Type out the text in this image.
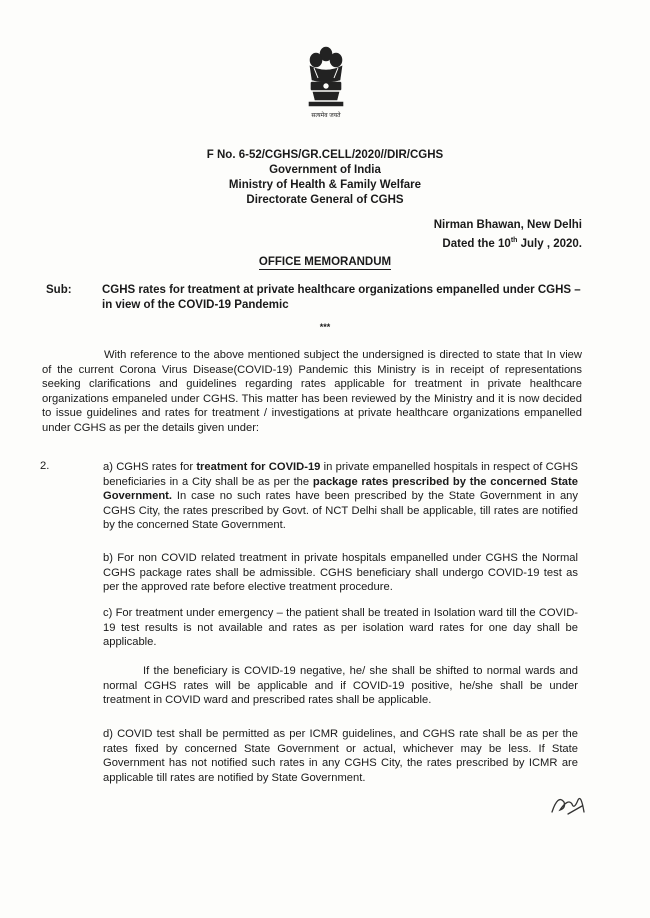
सत्यमेव जयते
F No. 6-52/CGHS/GR.CELL/2020//DIR/CGHS
Government of India
Ministry of Health & Family Welfare
Directorate General of CGHS
Nirman Bhawan, New Delhi
Dated the 10th July , 2020.
OFFICE MEMORANDUM
Sub:	CGHS rates for treatment at private healthcare organizations empanelled under CGHS –in view of the COVID-19 Pandemic
***
With reference to the above mentioned subject the undersigned is directed to state that In view of the current Corona Virus Disease(COVID-19) Pandemic this Ministry is in receipt of representations seeking clarifications and guidelines regarding rates applicable for treatment in private healthcare organizations empaneled under CGHS. This matter has been reviewed by the Ministry and it is now decided to issue guidelines and rates for treatment / investigations at private healthcare organizations empanelled under CGHS as per the details given under:
2.	a) CGHS rates for treatment for COVID-19 in private empanelled hospitals in respect of CGHS beneficiaries in a City shall be as per the package rates prescribed by the concerned State Government. In case no such rates have been prescribed by the State Government in any CGHS City, the rates prescribed by Govt. of NCT Delhi shall be applicable, till rates are notified by the concerned State Government.
b) For non COVID related treatment in private hospitals empanelled under CGHS the Normal CGHS package rates shall be admissible. CGHS beneficiary shall undergo COVID-19 test as per the approved rate before elective treatment procedure.
c) For treatment under emergency – the patient shall be treated in Isolation ward till the COVID-19 test results is not available and rates as per isolation ward rates for one day shall be applicable.
If the beneficiary is COVID-19 negative, he/ she shall be shifted to normal wards and normal CGHS rates will be applicable and if COVID-19 positive, he/she shall be under treatment in COVID ward and prescribed rates shall be applicable.
d) COVID test shall be permitted as per ICMR guidelines, and CGHS rate shall be as per the rates fixed by concerned State Government or actual, whichever may be less. If State Government has not notified such rates in any CGHS City, the rates prescribed by ICMR are applicable till rates are notified by State Government.
